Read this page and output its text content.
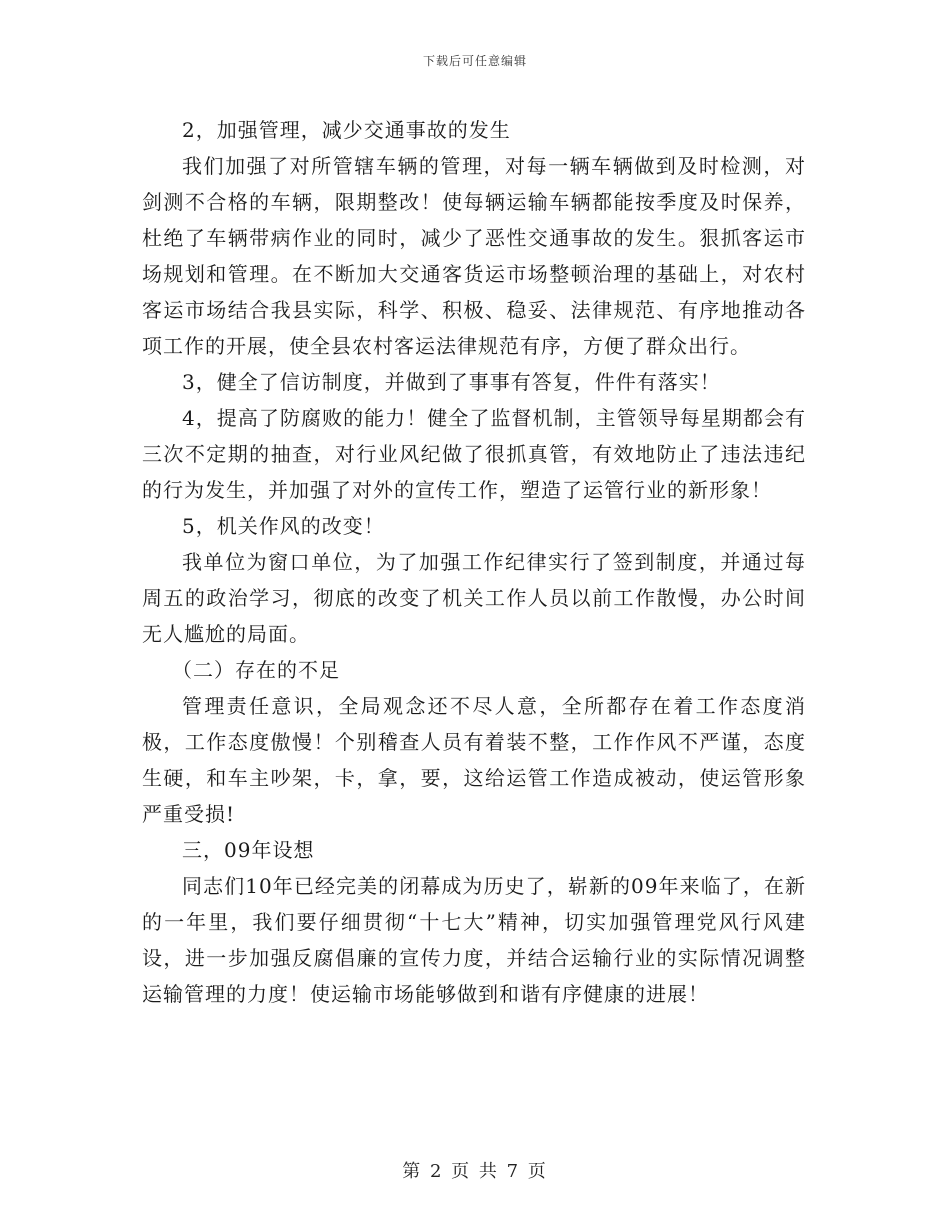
下载后可任意编辑

2，加强管理，减少交通事故的发生

我们加强了对所管辖车辆的管理，对每一辆车辆做到及时检测，对剑测不合格的车辆，限期整改！使每辆运输车辆都能按季度及时保养，杜绝了车辆带病作业的同时，减少了恶性交通事故的发生。狠抓客运市场规划和管理。在不断加大交通客货运市场整顿治理的基础上，对农村客运市场结合我县实际，科学、积极、稳妥、法律规范、有序地推动各项工作的开展，使全县农村客运法律规范有序，方便了群众出行。

3，健全了信访制度，并做到了事事有答复，件件有落实！

4，提高了防腐败的能力！健全了监督机制，主管领导每星期都会有三次不定期的抽查，对行业风纪做了很抓真管，有效地防止了违法违纪的行为发生，并加强了对外的宣传工作，塑造了运管行业的新形象！

5，机关作风的改变！

我单位为窗口单位，为了加强工作纪律实行了签到制度，并通过每周五的政治学习，彻底的改变了机关工作人员以前工作散慢，办公时间无人尴尬的局面。

（二）存在的不足

管理责任意识，全局观念还不尽人意，全所都存在着工作态度消极，工作态度傲慢！个别稽查人员有着装不整，工作作风不严谨，态度生硬，和车主吵架，卡，拿，要，这给运管工作造成被动，使运管形象严重受损!

三，09年设想

同志们10年已经完美的闭幕成为历史了，崭新的09年来临了，在新的一年里，我们要仔细贯彻“十七大”精神，切实加强管理党风行风建设，进一步加强反腐倡廉的宣传力度，并结合运输行业的实际情况调整运输管理的力度！使运输市场能够做到和谐有序健康的进展！

第 2 页 共 7 页
